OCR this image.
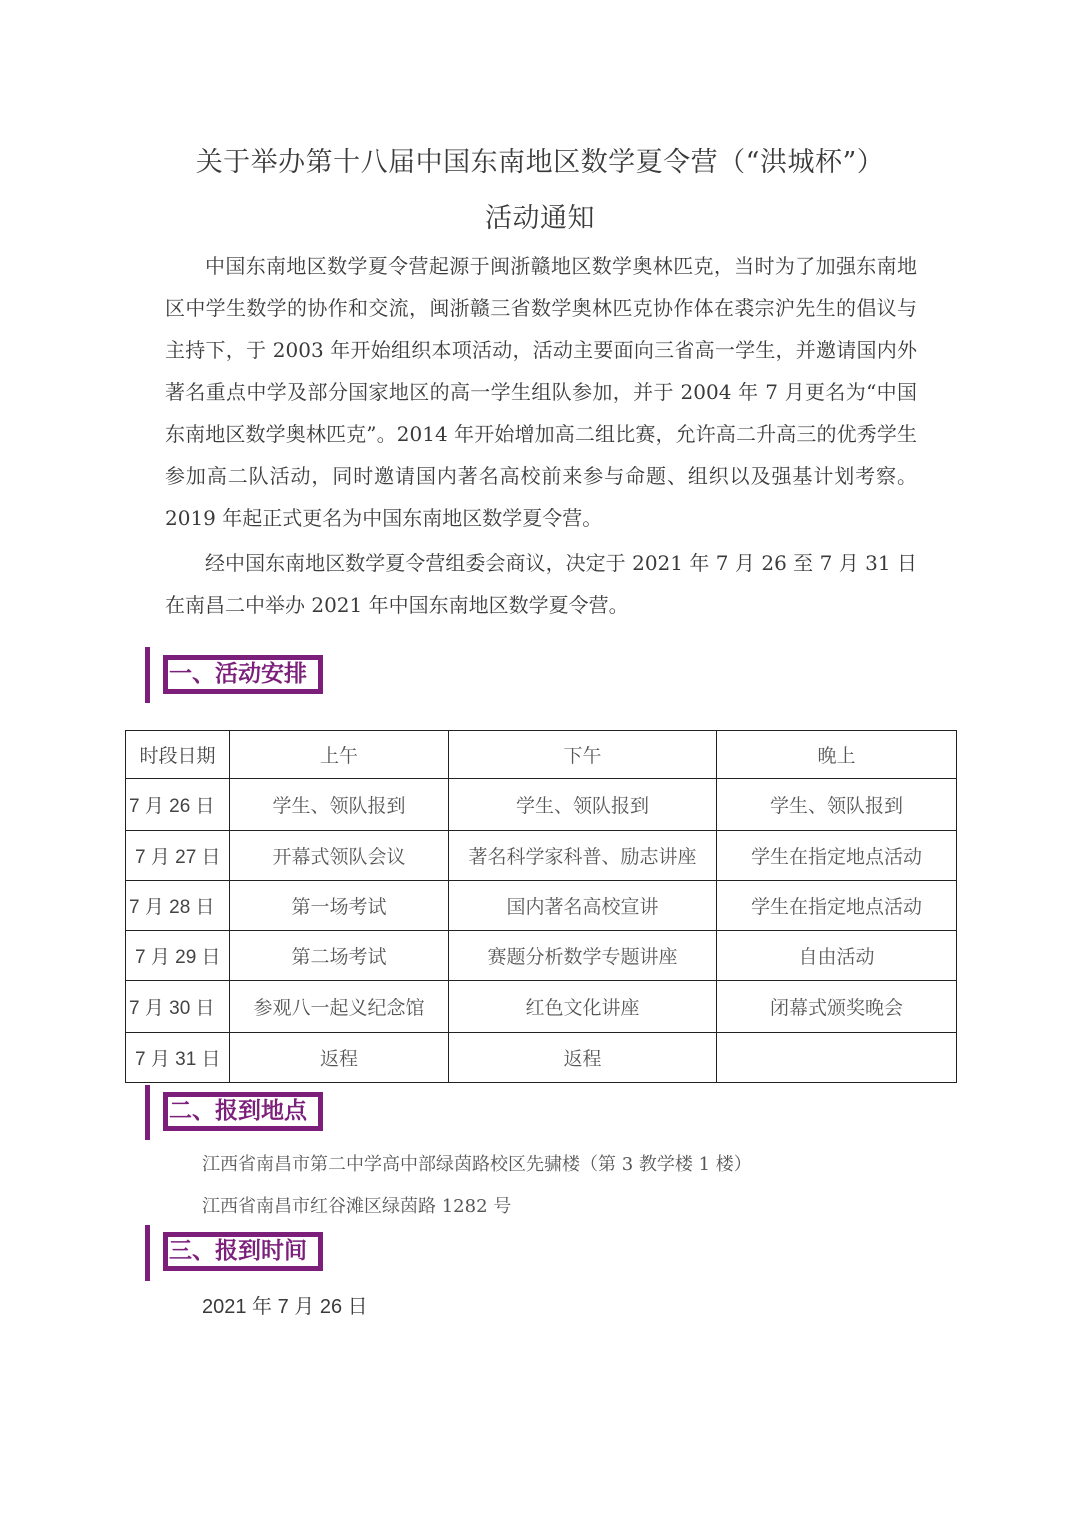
关于举办第十八届中国东南地区数学夏令营（“洪城杯”）
活动通知

中国东南地区数学夏令营起源于闽浙赣地区数学奥林匹克，当时为了加强东南地区中学生数学的协作和交流，闽浙赣三省数学奥林匹克协作体在裘宗沪先生的倡议与主持下，于 2003 年开始组织本项活动，活动主要面向三省高一学生，并邀请国内外著名重点中学及部分国家地区的高一学生组队参加，并于 2004 年 7 月更名为“中国东南地区数学奥林匹克”。2014 年开始增加高二组比赛，允许高二升高三的优秀学生参加高二队活动，同时邀请国内著名高校前来参与命题、组织以及强基计划考察。2019 年起正式更名为中国东南地区数学夏令营。

经中国东南地区数学夏令营组委会商议，决定于 2021 年 7 月 26 至 7 月 31 日在南昌二中举办 2021 年中国东南地区数学夏令营。

一、活动安排
时段日期	上午	下午	晚上
7 月 26 日	学生、领队报到	学生、领队报到	学生、领队报到
7 月 27 日	开幕式领队会议	著名科学家科普、励志讲座	学生在指定地点活动
7 月 28 日	第一场考试	国内著名高校宣讲	学生在指定地点活动
7 月 29 日	第二场考试	赛题分析数学专题讲座	自由活动
7 月 30 日	参观八一起义纪念馆	红色文化讲座	闭幕式颁奖晚会
7 月 31 日	返程	返程	
二、报到地点
江西省南昌市第二中学高中部绿茵路校区先骕楼（第 3 教学楼 1 楼）
江西省南昌市红谷滩区绿茵路 1282 号
三、报到时间
2021 年 7 月 26 日
